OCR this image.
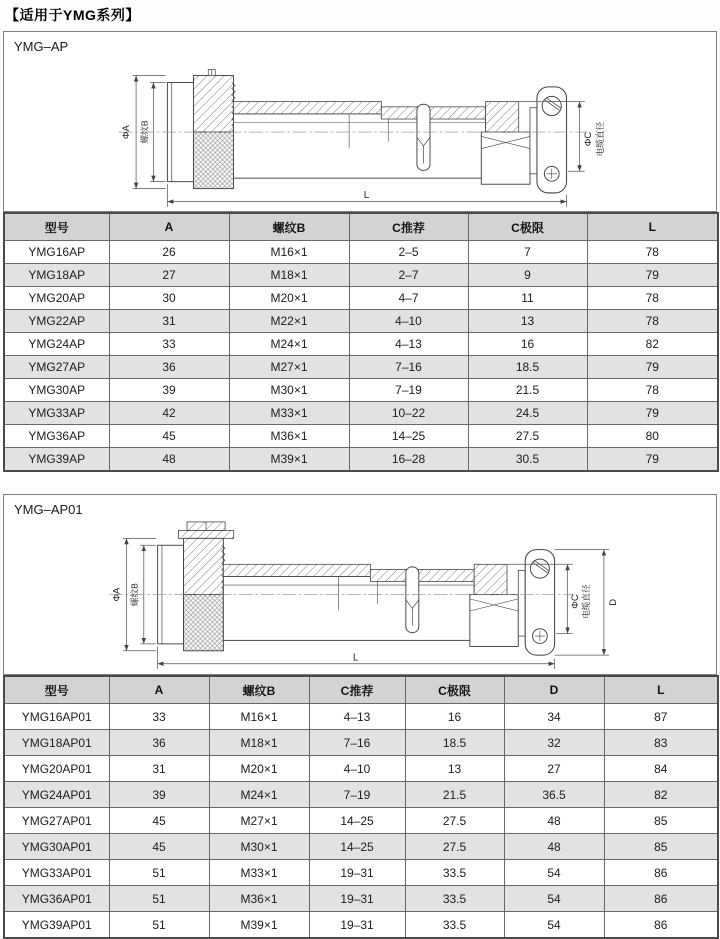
【适用于YMG系列】
YMG–AP
ΦA 螺纹B	ΦC 电缆直径
L
型号	A	螺纹B	C推荐	C极限	L
YMG16AP	26	M16×1	2–5	7	78
YMG18AP	27	M18×1	2–7	9	79
YMG20AP	30	M20×1	4–7	11	78
YMG22AP	31	M22×1	4–10	13	78
YMG24AP	33	M24×1	4–13	16	82
YMG27AP	36	M27×1	7–16	18.5	79
YMG30AP	39	M30×1	7–19	21.5	78
YMG33AP	42	M33×1	10–22	24.5	79
YMG36AP	45	M36×1	14–25	27.5	80
YMG39AP	48	M39×1	16–28	30.5	79
YMG–AP01
ΦA 螺纹B	ΦC 电缆直径 D
L
型号	A	螺纹B	C推荐	C极限	D	L
YMG16AP01	33	M16×1	4–13	16	34	87
YMG18AP01	36	M18×1	7–16	18.5	32	83
YMG20AP01	31	M20×1	4–10	13	27	84
YMG24AP01	39	M24×1	7–19	21.5	36.5	82
YMG27AP01	45	M27×1	14–25	27.5	48	85
YMG30AP01	45	M30×1	14–25	27.5	48	85
YMG33AP01	51	M33×1	19–31	33.5	54	86
YMG36AP01	51	M36×1	19–31	33.5	54	86
YMG39AP01	51	M39×1	19–31	33.5	54	86
